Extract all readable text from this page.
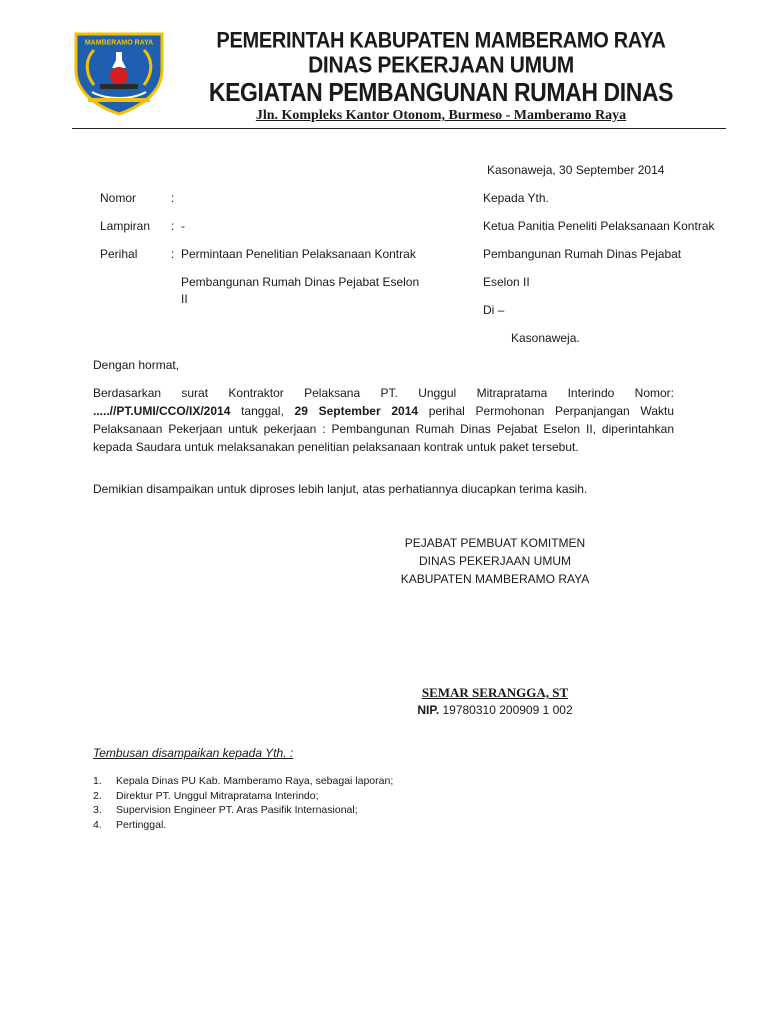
MAMBERAMO RAYA	PEMERINTAH KABUPATEN MAMBERAMO RAYA
DINAS PEKERJAAN UMUM
KEGIATAN PEMBANGUNAN RUMAH DINAS
Jln. Kompleks Kantor Otonom, Burmeso - Mamberamo Raya
Kasonaweja, 30 September 2014
Nomor	:
Lampiran : -
Perihal	: Permintaan Penelitian Pelaksanaan Kontrak
Pembangunan Rumah Dinas Pejabat Eselon
II
Kepada Yth.
Ketua Panitia Peneliti Pelaksanaan Kontrak
Pembangunan Rumah Dinas Pejabat
Eselon II
Di –
Kasonaweja.
Dengan hormat,
Berdasarkan surat Kontraktor Pelaksana PT. Unggul Mitrapratama Interindo Nomor: .....//PT.UMI/CCO/IX/2014 tanggal, 29 September 2014 perihal Permohonan Perpanjangan Waktu Pelaksanaan Pekerjaan untuk pekerjaan : Pembangunan Rumah Dinas Pejabat Eselon II, diperintahkan kepada Saudara untuk melaksanakan penelitian pelaksanaan kontrak untuk paket tersebut.
Demikian disampaikan untuk diproses lebih lanjut, atas perhatiannya diucapkan terima kasih.
PEJABAT PEMBUAT KOMITMEN
DINAS PEKERJAAN UMUM
KABUPATEN MAMBERAMO RAYA
SEMAR SERANGGA, ST
NIP. 19780310 200909 1 002
Tembusan disampaikan kepada Yth. :
1.	Kepala Dinas PU Kab. Mamberamo Raya, sebagai laporan;
2.	Direktur PT. Unggul Mitrapratama Interindo;
3.	Supervision Engineer PT. Aras Pasifik Internasional;
4.	Pertinggal.
